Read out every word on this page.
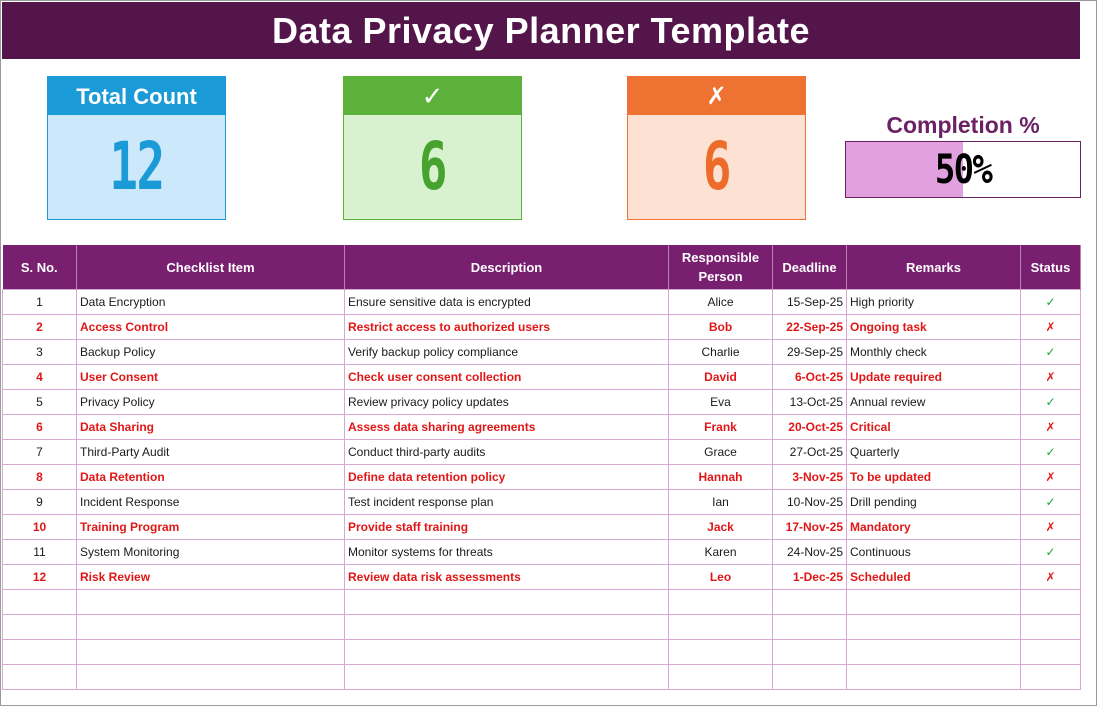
Data Privacy Planner Template
Total Count
12
✓
6
✗
6
Completion %
50%
S. No.	Checklist Item	Description	Responsible Person	Deadline	Remarks	Status
1	Data Encryption	Ensure sensitive data is encrypted	Alice	15-Sep-25	High priority	✓
2	Access Control	Restrict access to authorized users	Bob	22-Sep-25	Ongoing task	✗
3	Backup Policy	Verify backup policy compliance	Charlie	29-Sep-25	Monthly check	✓
4	User Consent	Check user consent collection	David	6-Oct-25	Update required	✗
5	Privacy Policy	Review privacy policy updates	Eva	13-Oct-25	Annual review	✓
6	Data Sharing	Assess data sharing agreements	Frank	20-Oct-25	Critical	✗
7	Third-Party Audit	Conduct third-party audits	Grace	27-Oct-25	Quarterly	✓
8	Data Retention	Define data retention policy	Hannah	3-Nov-25	To be updated	✗
9	Incident Response	Test incident response plan	Ian	10-Nov-25	Drill pending	✓
10	Training Program	Provide staff training	Jack	17-Nov-25	Mandatory	✗
11	System Monitoring	Monitor systems for threats	Karen	24-Nov-25	Continuous	✓
12	Risk Review	Review data risk assessments	Leo	1-Dec-25	Scheduled	✗
